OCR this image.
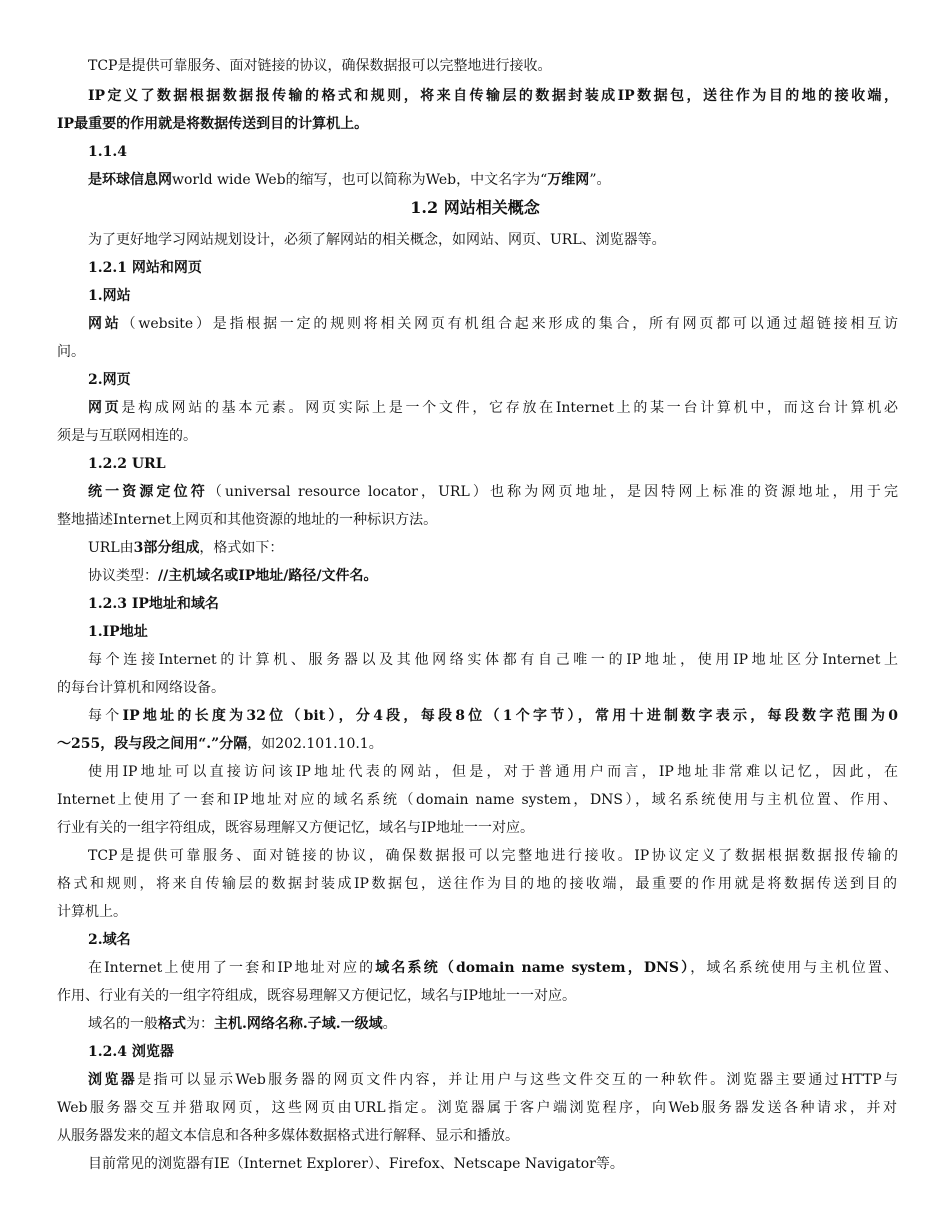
TCP是提供可靠服务、面对链接的协议，确保数据报可以完整地进行接收。
IP定义了数据根据数据报传输的格式和规则，将来自传输层的数据封装成IP数据包，送往作为目的地的接收端，
IP最重要的作用就是将数据传送到目的计算机上。
1.1.4
是环球信息网world wide Web的缩写，也可以简称为Web，中文名字为“万维网”。
1.2 网站相关概念
为了更好地学习网站规划设计，必须了解网站的相关概念，如网站、网页、URL、浏览器等。
1.2.1 网站和网页
1.网站
网站（website）是指根据一定的规则将相关网页有机组合起来形成的集合，所有网页都可以通过超链接相互访
问。
2.网页
网页是构成网站的基本元素。网页实际上是一个文件，它存放在Internet上的某一台计算机中，而这台计算机必
须是与互联网相连的。
1.2.2 URL
统一资源定位符（universal resource locator，URL）也称为网页地址，是因特网上标准的资源地址，用于完
整地描述Internet上网页和其他资源的地址的一种标识方法。
URL由3部分组成，格式如下：
协议类型：//主机域名或IP地址/路径/文件名。
1.2.3 IP地址和域名
1.IP地址
每个连接Internet的计算机、服务器以及其他网络实体都有自己唯一的IP地址，使用IP地址区分Internet上
的每台计算机和网络设备。
每个IP地址的长度为32位（bit），分4段，每段8位（1个字节），常用十进制数字表示，每段数字范围为0
～255，段与段之间用“.”分隔，如202.101.10.1。
使用IP地址可以直接访问该IP地址代表的网站，但是，对于普通用户而言，IP地址非常难以记忆，因此，在
Internet上使用了一套和IP地址对应的域名系统（domain name system，DNS），域名系统使用与主机位置、作用、
行业有关的一组字符组成，既容易理解又方便记忆，域名与IP地址一一对应。
TCP是提供可靠服务、面对链接的协议，确保数据报可以完整地进行接收。IP协议定义了数据根据数据报传输的
格式和规则，将来自传输层的数据封装成IP数据包，送往作为目的地的接收端，最重要的作用就是将数据传送到目的
计算机上。
2.域名
在Internet上使用了一套和IP地址对应的域名系统（domain name system，DNS），域名系统使用与主机位置、
作用、行业有关的一组字符组成，既容易理解又方便记忆，域名与IP地址一一对应。
域名的一般格式为：主机.网络名称.子域.一级域。
1.2.4 浏览器
浏览器是指可以显示Web服务器的网页文件内容，并让用户与这些文件交互的一种软件。浏览器主要通过HTTP与
Web服务器交互并猎取网页，这些网页由URL指定。浏览器属于客户端浏览程序，向Web服务器发送各种请求，并对
从服务器发来的超文本信息和各种多媒体数据格式进行解释、显示和播放。
目前常见的浏览器有IE（Internet Explorer）、Firefox、Netscape Navigator等。
